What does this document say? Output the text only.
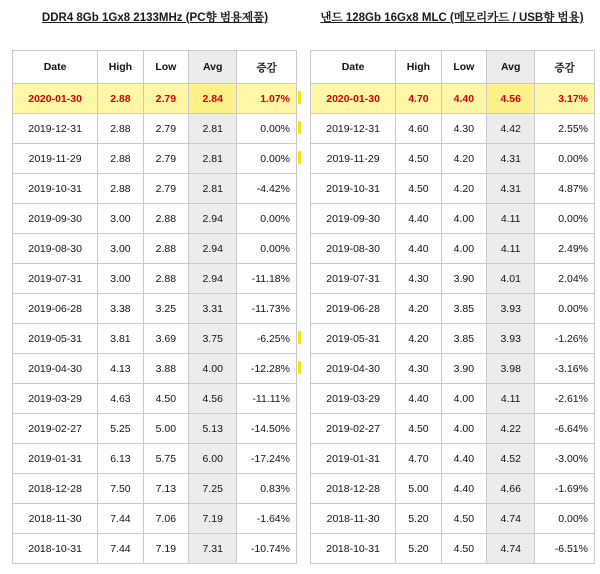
DDR4 8Gb 1Gx8 2133MHz (PC향 범용제품)	낸드 128Gb 16Gx8 MLC (메모리카드 / USB향 범용)
Date	High	Low	Avg	증감
2020-01-30	2.88	2.79	2.84	1.07%
2019-12-31	2.88	2.79	2.81	0.00%
2019-11-29	2.88	2.79	2.81	0.00%
2019-10-31	2.88	2.79	2.81	-4.42%
2019-09-30	3.00	2.88	2.94	0.00%
2019-08-30	3.00	2.88	2.94	0.00%
2019-07-31	3.00	2.88	2.94	-11.18%
2019-06-28	3.38	3.25	3.31	-11.73%
2019-05-31	3.81	3.69	3.75	-6.25%
2019-04-30	4.13	3.88	4.00	-12.28%
2019-03-29	4.63	4.50	4.56	-11.11%
2019-02-27	5.25	5.00	5.13	-14.50%
2019-01-31	6.13	5.75	6.00	-17.24%
2018-12-28	7.50	7.13	7.25	0.83%
2018-11-30	7.44	7.06	7.19	-1.64%
2018-10-31	7.44	7.19	7.31	-10.74%
Date	High	Low	Avg	증감
2020-01-30	4.70	4.40	4.56	3.17%
2019-12-31	4.60	4.30	4.42	2.55%
2019-11-29	4.50	4.20	4.31	0.00%
2019-10-31	4.50	4.20	4.31	4.87%
2019-09-30	4.40	4.00	4.11	0.00%
2019-08-30	4.40	4.00	4.11	2.49%
2019-07-31	4.30	3.90	4.01	2.04%
2019-06-28	4.20	3.85	3.93	0.00%
2019-05-31	4.20	3.85	3.93	-1.26%
2019-04-30	4.30	3.90	3.98	-3.16%
2019-03-29	4.40	4.00	4.11	-2.61%
2019-02-27	4.50	4.00	4.22	-6.64%
2019-01-31	4.70	4.40	4.52	-3.00%
2018-12-28	5.00	4.40	4.66	-1.69%
2018-11-30	5.20	4.50	4.74	0.00%
2018-10-31	5.20	4.50	4.74	-6.51%
